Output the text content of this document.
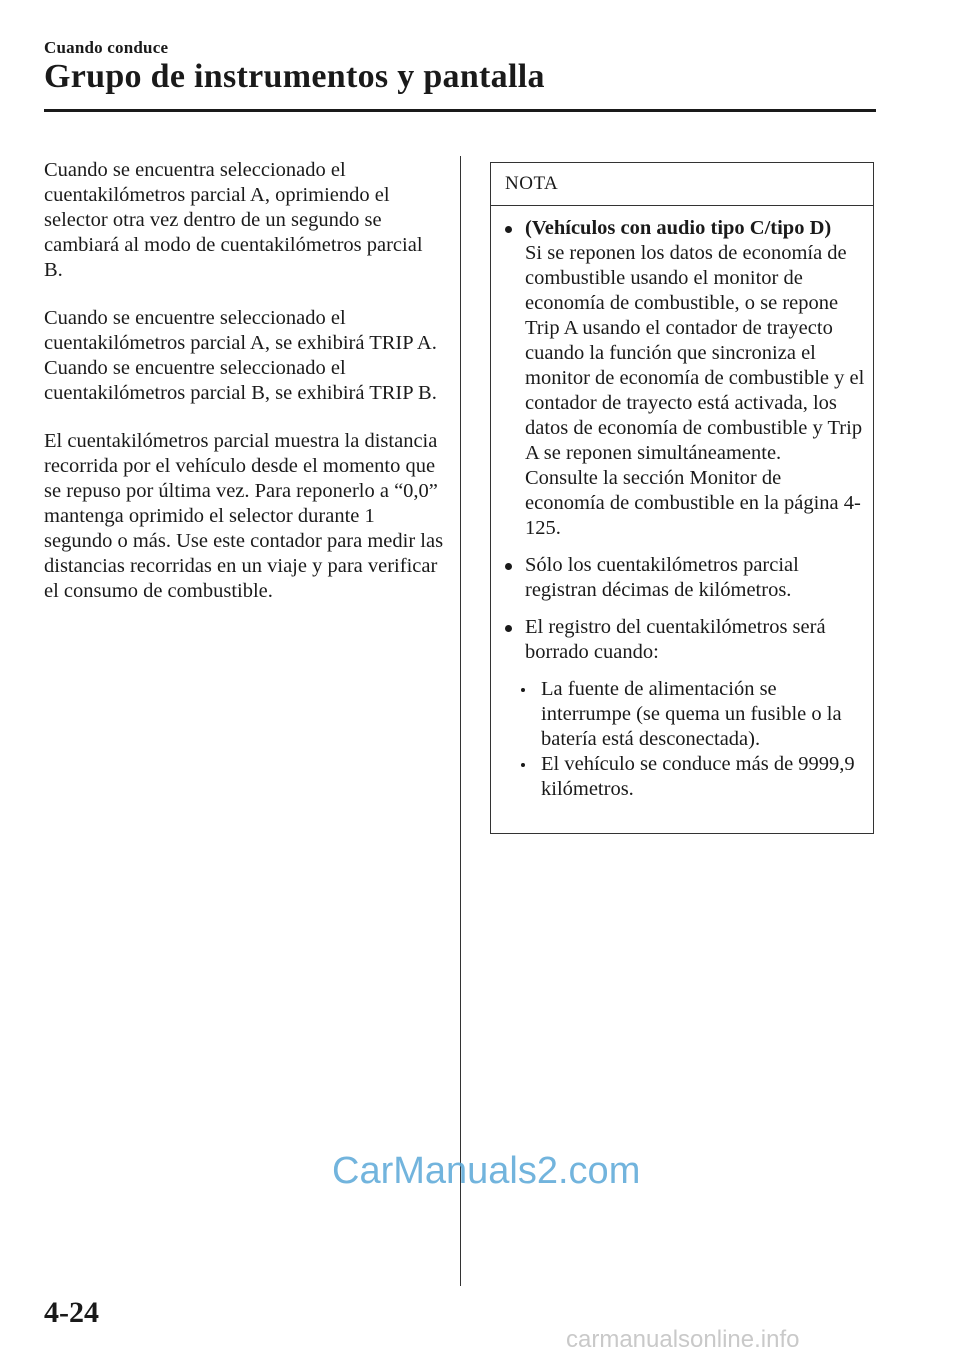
Cuando conduce
Grupo de instrumentos y pantalla

Cuando se encuentra seleccionado el cuentakilómetros parcial A, oprimiendo el selector otra vez dentro de un segundo se cambiará al modo de cuentakilómetros parcial B.

Cuando se encuentre seleccionado el cuentakilómetros parcial A, se exhibirá TRIP A. Cuando se encuentre seleccionado el cuentakilómetros parcial B, se exhibirá TRIP B.

El cuentakilómetros parcial muestra la distancia recorrida por el vehículo desde el momento que se repuso por última vez. Para reponerlo a “0,0” mantenga oprimido el selector durante 1 segundo o más. Use este contador para medir las distancias recorridas en un viaje y para verificar el consumo de combustible.

NOTA
(Vehículos con audio tipo C/tipo D)
Si se reponen los datos de economía de combustible usando el monitor de economía de combustible, o se repone Trip A usando el contador de trayecto cuando la función que sincroniza el monitor de economía de combustible y el contador de trayecto está activada, los datos de economía de combustible y Trip A se reponen simultáneamente.
Consulte la sección Monitor de economía de combustible en la página 4-125.
Sólo los cuentakilómetros parcial registran décimas de kilómetros.
El registro del cuentakilómetros será borrado cuando:
La fuente de alimentación se interrumpe (se quema un fusible o la batería está desconectada).
El vehículo se conduce más de 9999,9 kilómetros.
CarManuals2.com
4-24
carmanualsonline.info
